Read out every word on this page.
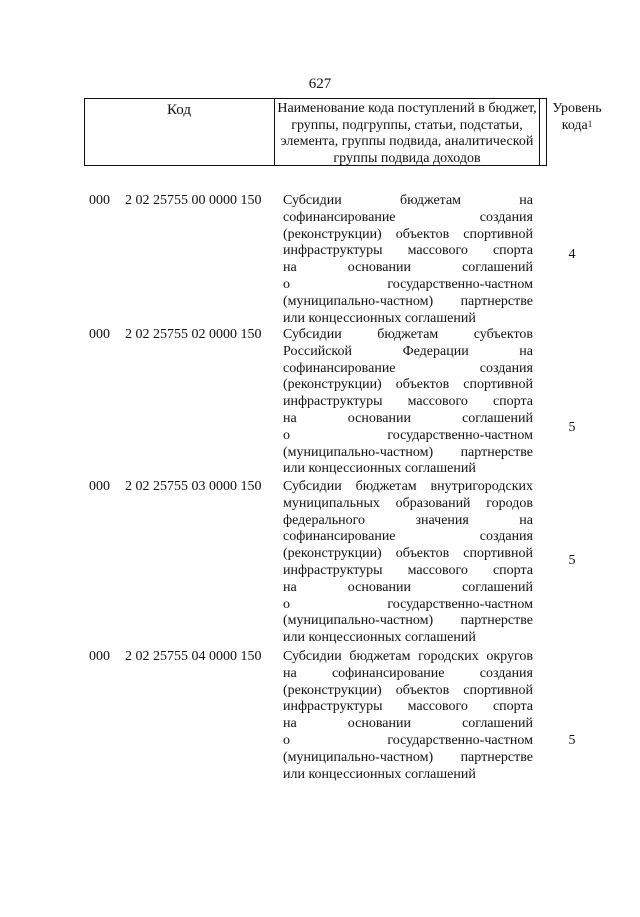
627
Код	Наименование кода поступлений в бюджет, группы, подгруппы, статьи, подстатьи, элемента, группы подвида, аналитической группы подвида доходов
Уровень кода$^1$
000 2 02 25755 00 0000 150 Субсидии бюджетам на
софинансирование создания
(реконструкции) объектов спортивной
инфраструктуры массового спорта
на основании соглашений
о государственно-частном
(муниципально-частном) партнерстве
или концессионных соглашений
4
000 2 02 25755 02 0000 150 Субсидии бюджетам субъектов
Российской Федерации на
софинансирование создания
(реконструкции) объектов спортивной
инфраструктуры массового спорта
на основании соглашений
о государственно-частном
(муниципально-частном) партнерстве
или концессионных соглашений
5
000 2 02 25755 03 0000 150 Субсидии бюджетам внутригородских
муниципальных образований городов
федерального значения на
софинансирование создания
(реконструкции) объектов спортивной
инфраструктуры массового спорта
на основании соглашений
о государственно-частном
(муниципально-частном) партнерстве
или концессионных соглашений
5
000 2 02 25755 04 0000 150 Субсидии бюджетам городских округов
на софинансирование создания
(реконструкции) объектов спортивной
инфраструктуры массового спорта
на основании соглашений
о государственно-частном
(муниципально-частном) партнерстве
или концессионных соглашений
5
